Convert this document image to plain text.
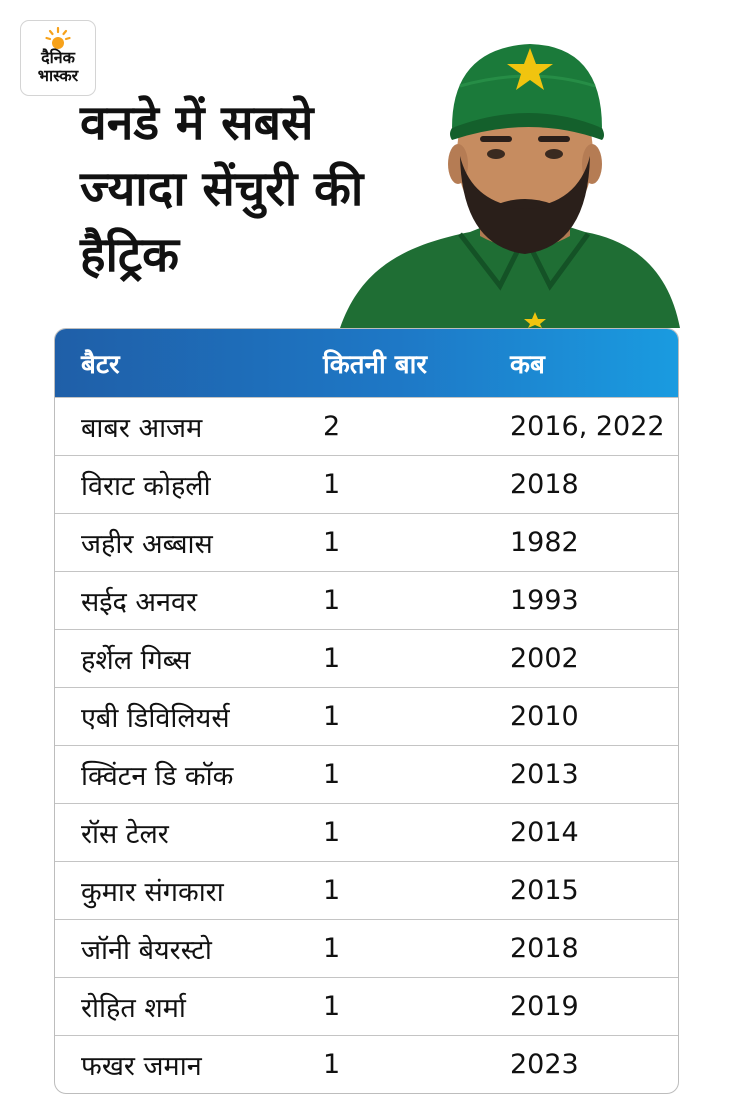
दैनिक
भास्कर
वनडे में सबसे ज्यादा सेंचुरी की हैट्रिक
बैटर	कितनी बार	कब
बाबर आजम	2	2016, 2022
विराट कोहली	1	2018
जहीर अब्बास	1	1982
सईद अनवर	1	1993
हर्शेल गिब्स	1	2002
एबी डिविलियर्स	1	2010
क्विंटन डि कॉक	1	2013
रॉस टेलर	1	2014
कुमार संगकारा	1	2015
जॉनी बेयरस्टो	1	2018
रोहित शर्मा	1	2019
फखर जमान	1	2023
